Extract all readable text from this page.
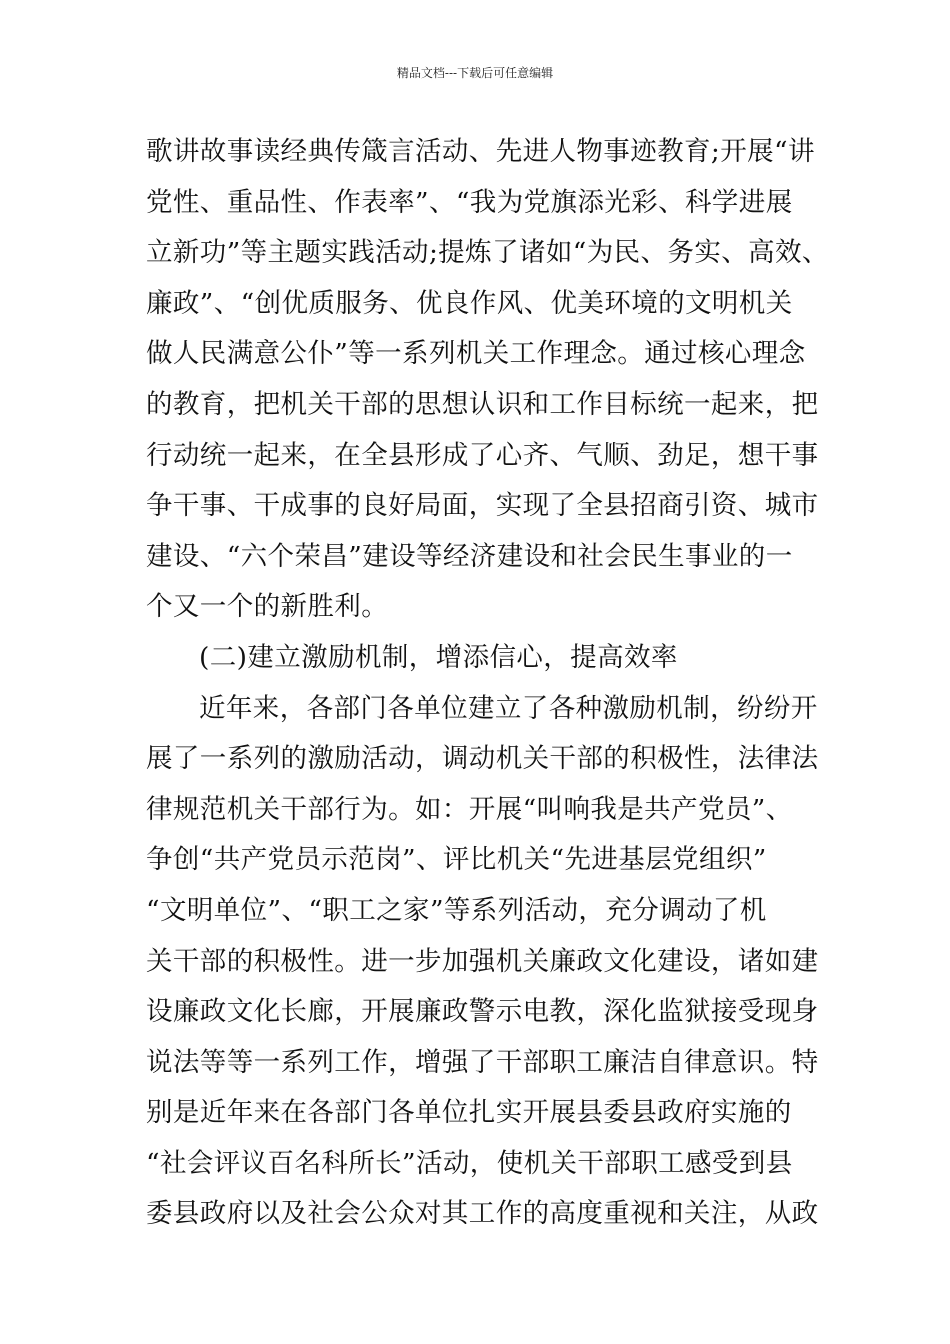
精品文档---下载后可任意编辑
歌讲故事读经典传箴言活动、先进人物事迹教育;开展“讲
党性、重品性、作表率”、“我为党旗添光彩、科学进展
立新功”等主题实践活动;提炼了诸如“为民、务实、高效、
廉政”、“创优质服务、优良作风、优美环境的文明机关
做人民满意公仆”等一系列机关工作理念。通过核心理念
的教育，把机关干部的思想认识和工作目标统一起来，把
行动统一起来，在全县形成了心齐、气顺、劲足，想干事
争干事、干成事的良好局面，实现了全县招商引资、城市
建设、“六个荣昌”建设等经济建设和社会民生事业的一
个又一个的新胜利。
(二)建立激励机制，增添信心，提高效率
近年来，各部门各单位建立了各种激励机制，纷纷开
展了一系列的激励活动，调动机关干部的积极性，法律法
律规范机关干部行为。如：开展“叫响我是共产党员”、
争创“共产党员示范岗”、评比机关“先进基层党组织”
“文明单位”、“职工之家”等系列活动，充分调动了机
关干部的积极性。进一步加强机关廉政文化建设，诸如建
设廉政文化长廊，开展廉政警示电教，深化监狱接受现身
说法等等一系列工作，增强了干部职工廉洁自律意识。特
别是近年来在各部门各单位扎实开展县委县政府实施的
“社会评议百名科所长”活动，使机关干部职工感受到县
委县政府以及社会公众对其工作的高度重视和关注，从政
